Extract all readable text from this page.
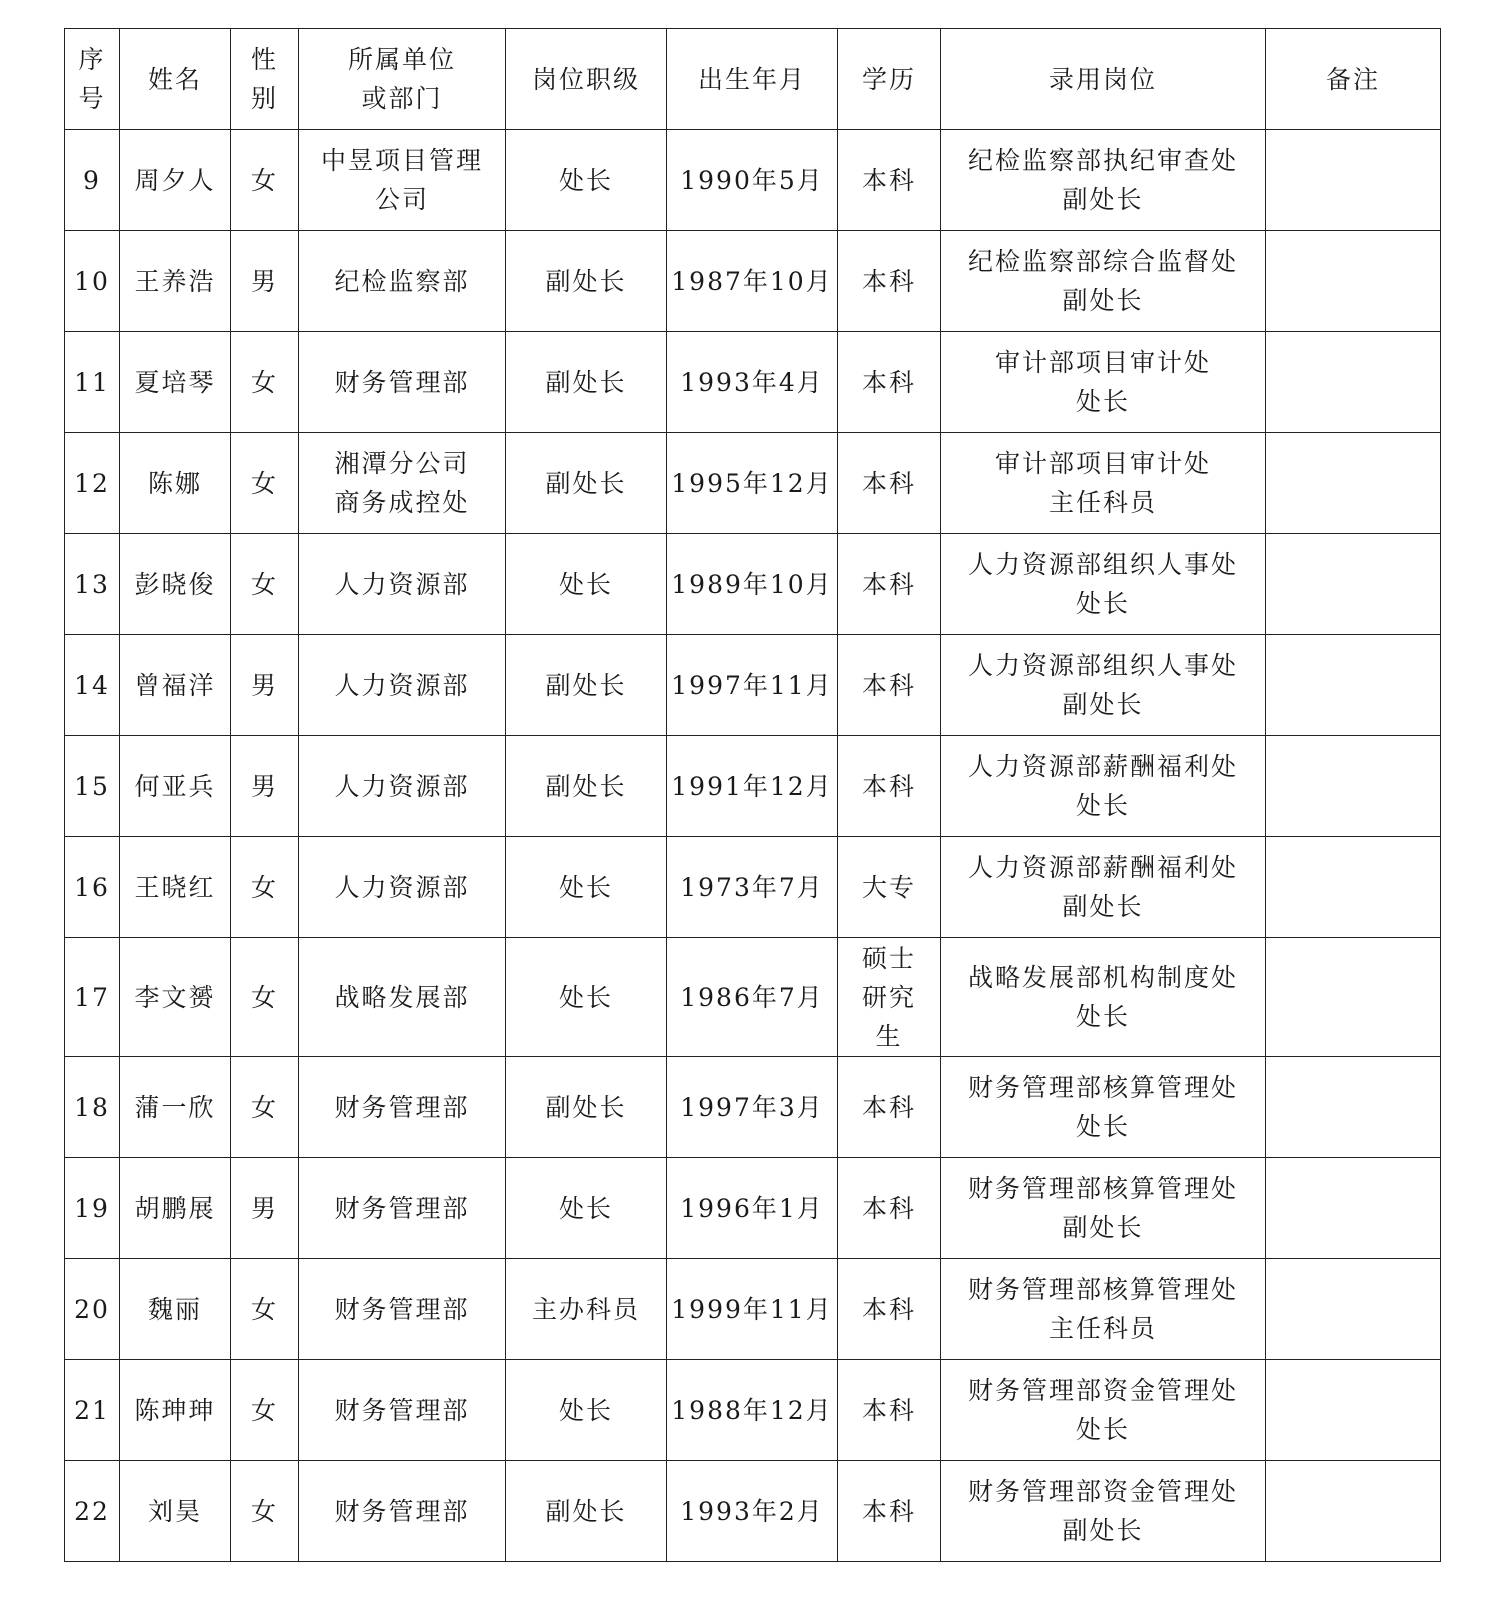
序
号	姓名	性
别	所属单位
或部门	岗位职级	出生年月	学历	录用岗位	备注
9	周夕人	女	中昱项目管理
公司	处长	1990年5月	本科	纪检监察部执纪审查处
副处长	
10	王养浩	男	纪检监察部	副处长	1987年10月	本科	纪检监察部综合监督处
副处长	
11	夏培琴	女	财务管理部	副处长	1993年4月	本科	审计部项目审计处
处长	
12	陈娜	女	湘潭分公司
商务成控处	副处长	1995年12月	本科	审计部项目审计处
主任科员	
13	彭晓俊	女	人力资源部	处长	1989年10月	本科	人力资源部组织人事处
处长	
14	曾福洋	男	人力资源部	副处长	1997年11月	本科	人力资源部组织人事处
副处长	
15	何亚兵	男	人力资源部	副处长	1991年12月	本科	人力资源部薪酬福利处
处长	
16	王晓红	女	人力资源部	处长	1973年7月	大专	人力资源部薪酬福利处
副处长	
17	李文赟	女	战略发展部	处长	1986年7月	硕士
研究
生	战略发展部机构制度处
处长	
18	蒲一欣	女	财务管理部	副处长	1997年3月	本科	财务管理部核算管理处
处长	
19	胡鹏展	男	财务管理部	处长	1996年1月	本科	财务管理部核算管理处
副处长	
20	魏丽	女	财务管理部	主办科员	1999年11月	本科	财务管理部核算管理处
主任科员	
21	陈珅珅	女	财务管理部	处长	1988年12月	本科	财务管理部资金管理处
处长	
22	刘昊	女	财务管理部	副处长	1993年2月	本科	财务管理部资金管理处
副处长	
